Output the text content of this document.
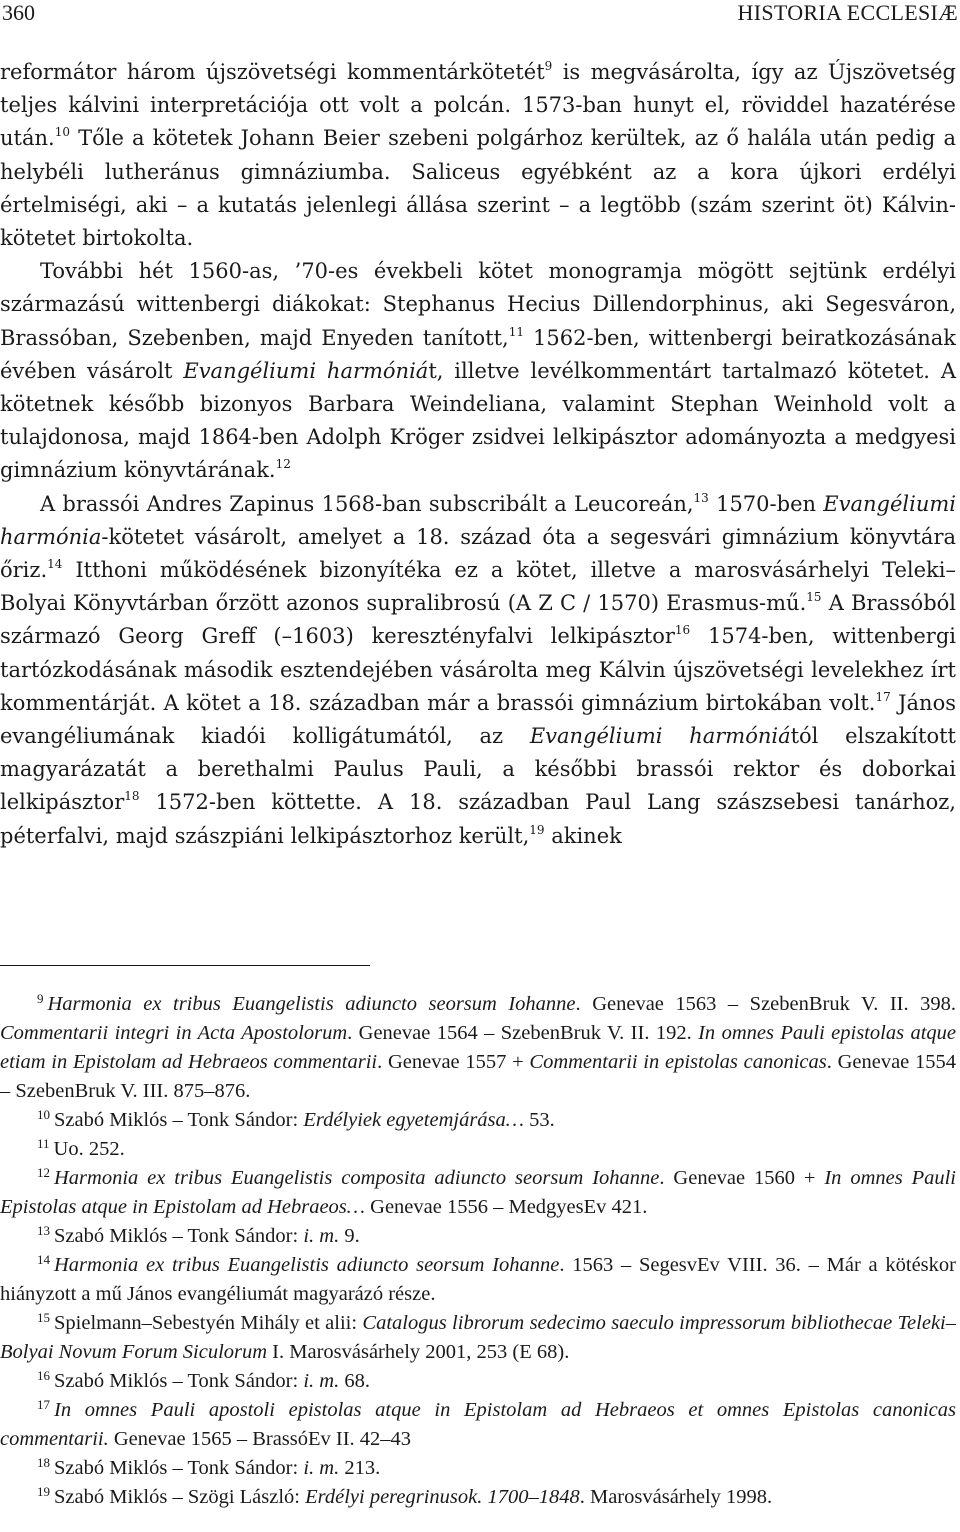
360	HISTORIA ECCLESIÆ

reformátor három újszövetségi kommentárkötetét$^9$ is megvásárolta, így az Újszövetség teljes kálvini interpretációja ott volt a polcán. 1573-ban hunyt el, röviddel hazatérése után.$^{10}$ Tőle a kötetek Johann Beier szebeni polgárhoz kerültek, az ő halála után pedig a helybéli lutheránus gimnáziumba. Saliceus egyébként az a kora újkori erdélyi értelmiségi, aki – a kutatás jelenlegi állása szerint – a legtöbb (szám szerint öt) Kálvin-kötetet birtokolta.

További hét 1560-as, ’70-es évekbeli kötet monogramja mögött sejtünk erdélyi származású wittenbergi diákokat: Stephanus Hecius Dillendorphinus, aki Segesváron, Brassóban, Szebenben, majd Enyeden tanított,$^{11}$ 1562-ben, wittenbergi beiratkozásának évében vásárolt Evangéliumi harmóniát, illetve levélkommentárt tartalmazó kötetet. A kötetnek később bizonyos Barbara Weindeliana, valamint Stephan Weinhold volt a tulajdonosa, majd 1864-ben Adolph Kröger zsidvei lelkipásztor adományozta a medgyesi gimnázium könyvtárának.$^{12}$

A brassói Andres Zapinus 1568-ban subscribált a Leucoreán,$^{13}$ 1570-ben Evangéliumi harmónia-kötetet vásárolt, amelyet a 18. század óta a segesvári gimnázium könyvtára őriz.$^{14}$ Itthoni működésének bizonyítéka ez a kötet, illetve a marosvásárhelyi Teleki–Bolyai Könyvtárban őrzött azonos supralibrosú (A Z C / 1570) Erasmus-mű.$^{15}$ A Brassóból származó Georg Greff (–1603) keresztényfalvi lelkipásztor$^{16}$ 1574-ben, wittenbergi tartózkodásának második esztendejében vásárolta meg Kálvin újszövetségi levelekhez írt kommentárját. A kötet a 18. században már a brassói gimnázium birtokában volt.$^{17}$ János evangéliumának kiadói kolligátumától, az Evangéliumi harmóniától elszakított magyarázatát a berethalmi Paulus Pauli, a későbbi brassói rektor és doborkai lelkipásztor$^{18}$ 1572-ben köttette. A 18. században Paul Lang szászsebesi tanárhoz, péterfalvi, majd szászpiáni lelkipásztorhoz került,$^{19}$ akinek

$^9$ Harmonia ex tribus Euangelistis adiuncto seorsum Iohanne. Genevae 1563 – SzebenBruk V. II. 398. Commentarii integri in Acta Apostolorum. Genevae 1564 – SzebenBruk V. II. 192. In omnes Pauli epistolas atque etiam in Epistolam ad Hebraeos commentarii. Genevae 1557 + Commentarii in epistolas canonicas. Genevae 1554 – SzebenBruk V. III. 875–876.

$^{10}$ Szabó Miklós – Tonk Sándor: Erdélyiek egyetemjárása… 53.

$^{11}$ Uo. 252.

$^{12}$ Harmonia ex tribus Euangelistis composita adiuncto seorsum Iohanne. Genevae 1560 + In omnes Pauli Epistolas atque in Epistolam ad Hebraeos… Genevae 1556 – MedgyesEv 421.

$^{13}$ Szabó Miklós – Tonk Sándor: i. m. 9.

$^{14}$ Harmonia ex tribus Euangelistis adiuncto seorsum Iohanne. 1563 – SegesvEv VIII. 36. – Már a kötéskor hiányzott a mű János evangéliumát magyarázó része.

$^{15}$ Spielmann–Sebestyén Mihály et alii: Catalogus librorum sedecimo saeculo impressorum bibliothecae Teleki–Bolyai Novum Forum Siculorum I. Marosvásárhely 2001, 253 (E 68).

$^{16}$ Szabó Miklós – Tonk Sándor: i. m. 68.

$^{17}$ In omnes Pauli apostoli epistolas atque in Epistolam ad Hebraeos et omnes Epistolas canonicas commentarii. Genevae 1565 – BrassóEv II. 42–43

$^{18}$ Szabó Miklós – Tonk Sándor: i. m. 213.

$^{19}$ Szabó Miklós – Szögi László: Erdélyi peregrinusok. 1700–1848. Marosvásárhely 1998.
